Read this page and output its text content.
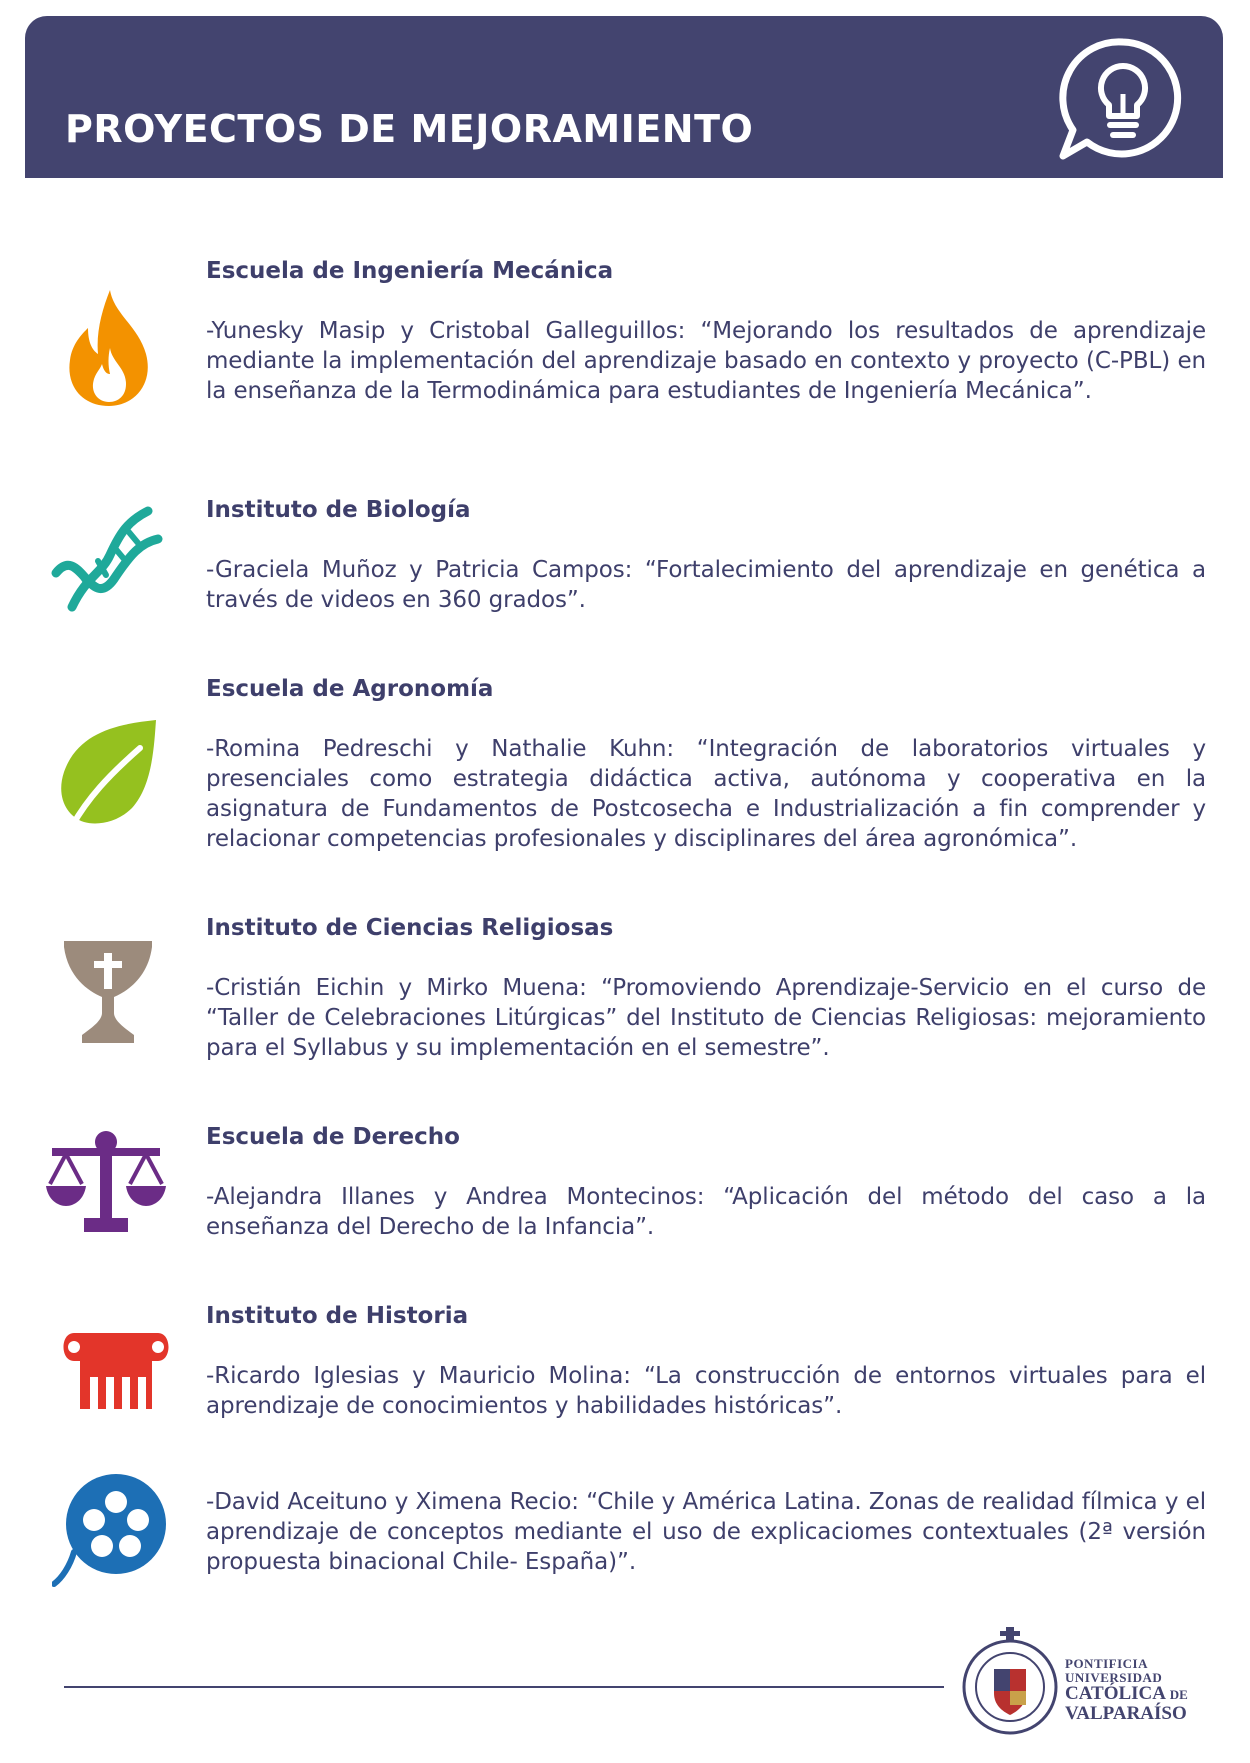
PROYECTOS DE MEJORAMIENTO
Escuela de Ingeniería Mecánica

-Yunesky Masip y Cristobal Galleguillos: “Mejorando los resultados de aprendizaje mediante la implementación del aprendizaje basado en contexto y proyecto (C-PBL) en la enseñanza de la Termodinámica para estudiantes de Ingeniería Mecánica”.

Instituto de Biología

-Graciela Muñoz y Patricia Campos: “Fortalecimiento del aprendizaje en genética a través de videos en 360 grados”.

Escuela de Agronomía

-Romina Pedreschi y Nathalie Kuhn: “Integración de laboratorios virtuales y presenciales como estrategia didáctica activa, autónoma y cooperativa en la asignatura de Fundamentos de Postcosecha e Industrialización a fin comprender y relacionar competencias profesionales y disciplinares del área agronómica”.

Instituto de Ciencias Religiosas

-Cristián Eichin y Mirko Muena: “Promoviendo Aprendizaje-Servicio en el curso de “Taller de Celebraciones Litúrgicas” del Instituto de Ciencias Religiosas: mejoramiento para el Syllabus y su implementación en el semestre”.

Escuela de Derecho

-Alejandra Illanes y Andrea Montecinos: “Aplicación del método del caso a la enseñanza del Derecho de la Infancia”.

Instituto de Historia

-Ricardo Iglesias y Mauricio Molina: “La construcción de entornos virtuales para el aprendizaje de conocimientos y habilidades históricas”.

-David Aceituno y Ximena Recio: “Chile y América Latina. Zonas de realidad fílmica y el aprendizaje de conceptos mediante el uso de explicaciomes contextuales (2ª versión propuesta binacional Chile- España)”.

PONTIFICIA
UNIVERSIDAD
CATÓLICA DE
VALPARAÍSO
